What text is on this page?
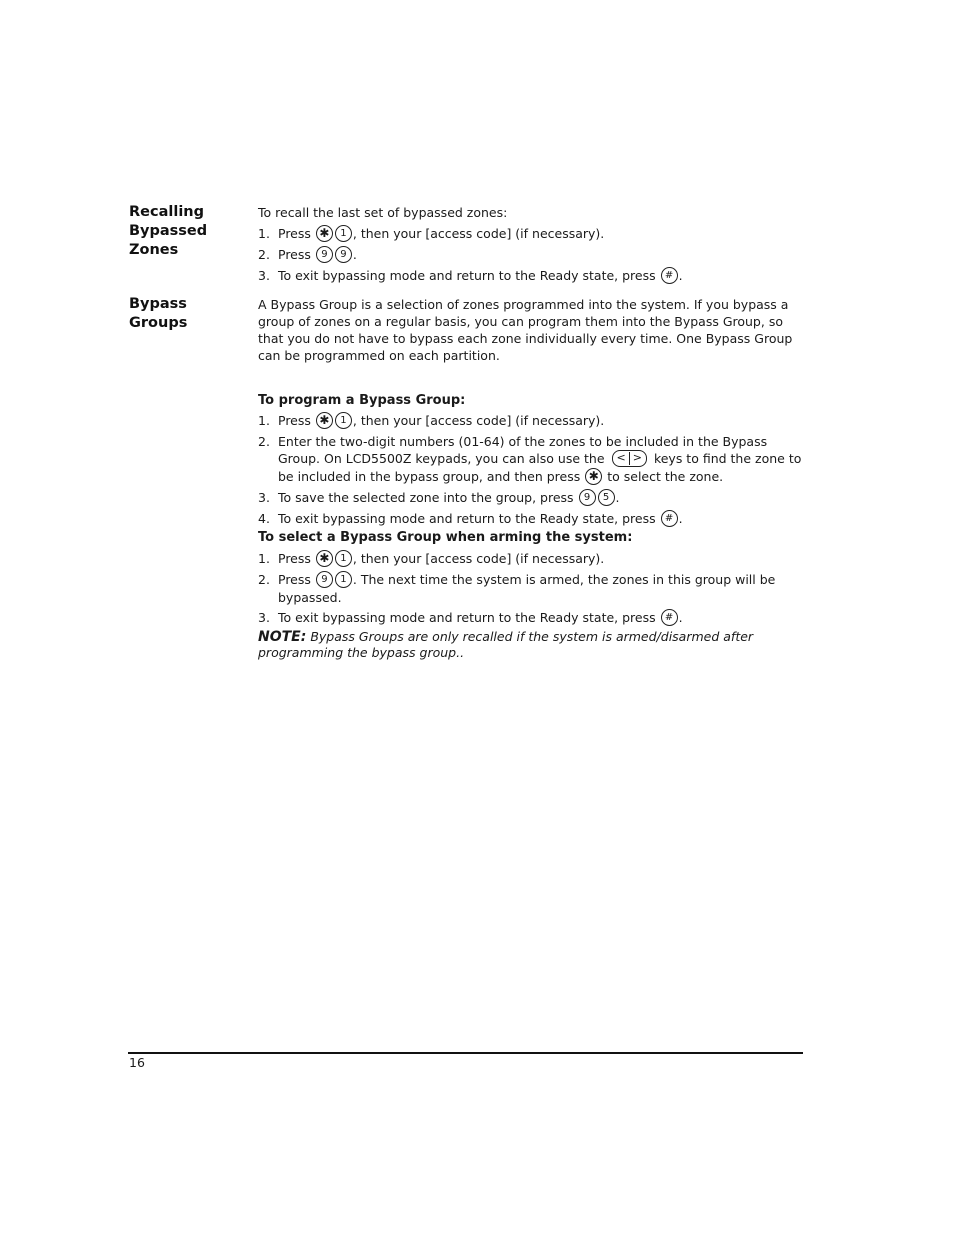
Recalling
Bypassed
Zones

To recall the last set of bypassed zones:

1. Press ✱ 1 , then your [access code] (if necessary).
2. Press 9 9 .
3. To exit bypassing mode and return to the Ready state, press # .
Bypass
Groups

A Bypass Group is a selection of zones programmed into the system. If you bypass a group of zones on a regular basis, you can program them into the Bypass Group, so that you do not have to bypass each zone individually every time. One Bypass Group can be programmed on each partition.

To program a Bypass Group:
1. Press ✱ 1 , then your [access code] (if necessary).
2. Enter the two-digit numbers (01-64) of the zones to be included in the Bypass Group. On LCD5500Z keypads, you can also use the < > keys to find the zone to be included in the bypass group, and then press ✱ to select the zone.
3. To save the selected zone into the group, press 9 5 .
4. To exit bypassing mode and return to the Ready state, press # .
To select a Bypass Group when arming the system:
1. Press ✱ 1 , then your [access code] (if necessary).
2. Press 9 1 . The next time the system is armed, the zones in this group will be bypassed.
3. To exit bypassing mode and return to the Ready state, press # .
NOTE: Bypass Groups are only recalled if the system is armed/disarmed after programming the bypass group..
16
